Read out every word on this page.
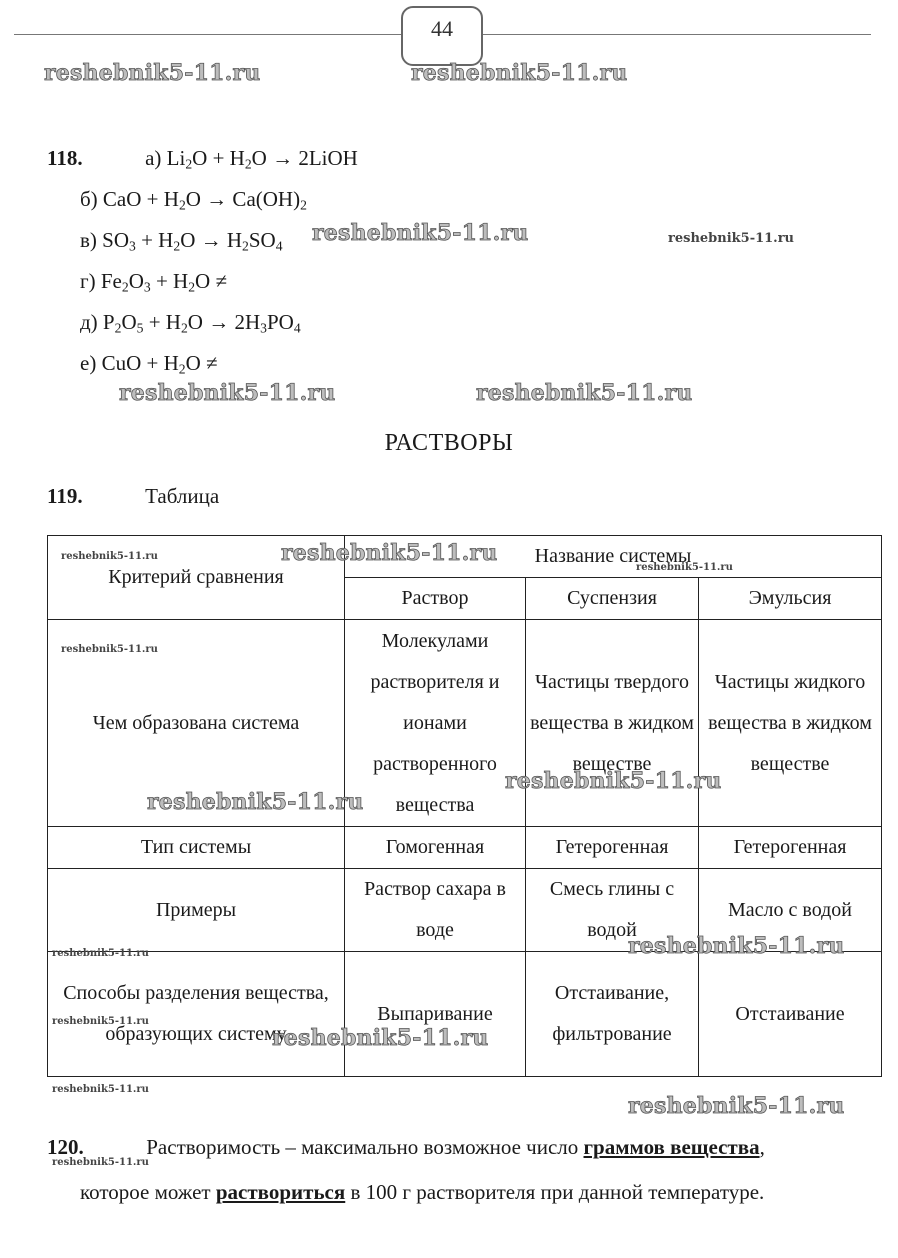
44
reshebnik5-11.ru	reshebnik5-11.ru
reshebnik5-11.ru	reshebnik5-11.ru
reshebnik5-11.ru	reshebnik5-11.ru
118.	а) $Li_2O + H_2O$ → 2LiOH
б) CaO + $H_2O \to Ca(OH)_2$
в) $SO_3 + H_2O \to H_2SO_4$
г) $Fe_2O_3 + H_2O$ ≠
д) $P_2O_5 + H_2O \to 2H_3PO_4$
е) CuO + $H_2O$ ≠
РАСТВОРЫ
119.	Таблица
Критерий сравнения	Название системы		
	Раствор	Суспензия	Эмульсия
Чем образована система	Молекулами растворителя и ионами растворенного вещества	Частицы твердого вещества в жидком веществе	Частицы жидкого вещества в жидком веществе
Тип системы	Гомогенная	Гетерогенная	Гетерогенная
Примеры	Раствор сахара в воде	Смесь глины с водой	Масло с водой
Способы разделения вещества, образующих систему	Выпаривание	Отстаивание, фильтрование	Отстаивание
reshebnik5-11.ru	reshebnik5-11.ru
reshebnik5-11.ru
reshebnik5-11.ru
reshebnik5-11.ru
reshebnik5-11.ru
reshebnik5-11.ru
reshebnik5-11.ru
reshebnik5-11.ru
reshebnik5-11.ru
reshebnik5-11.ru
reshebnik5-11.ru
120.	Растворимость – максимально возможное число граммов вещества,
reshebnik5-11.ru
которое может раствориться в 100 г растворителя при данной температуре.
